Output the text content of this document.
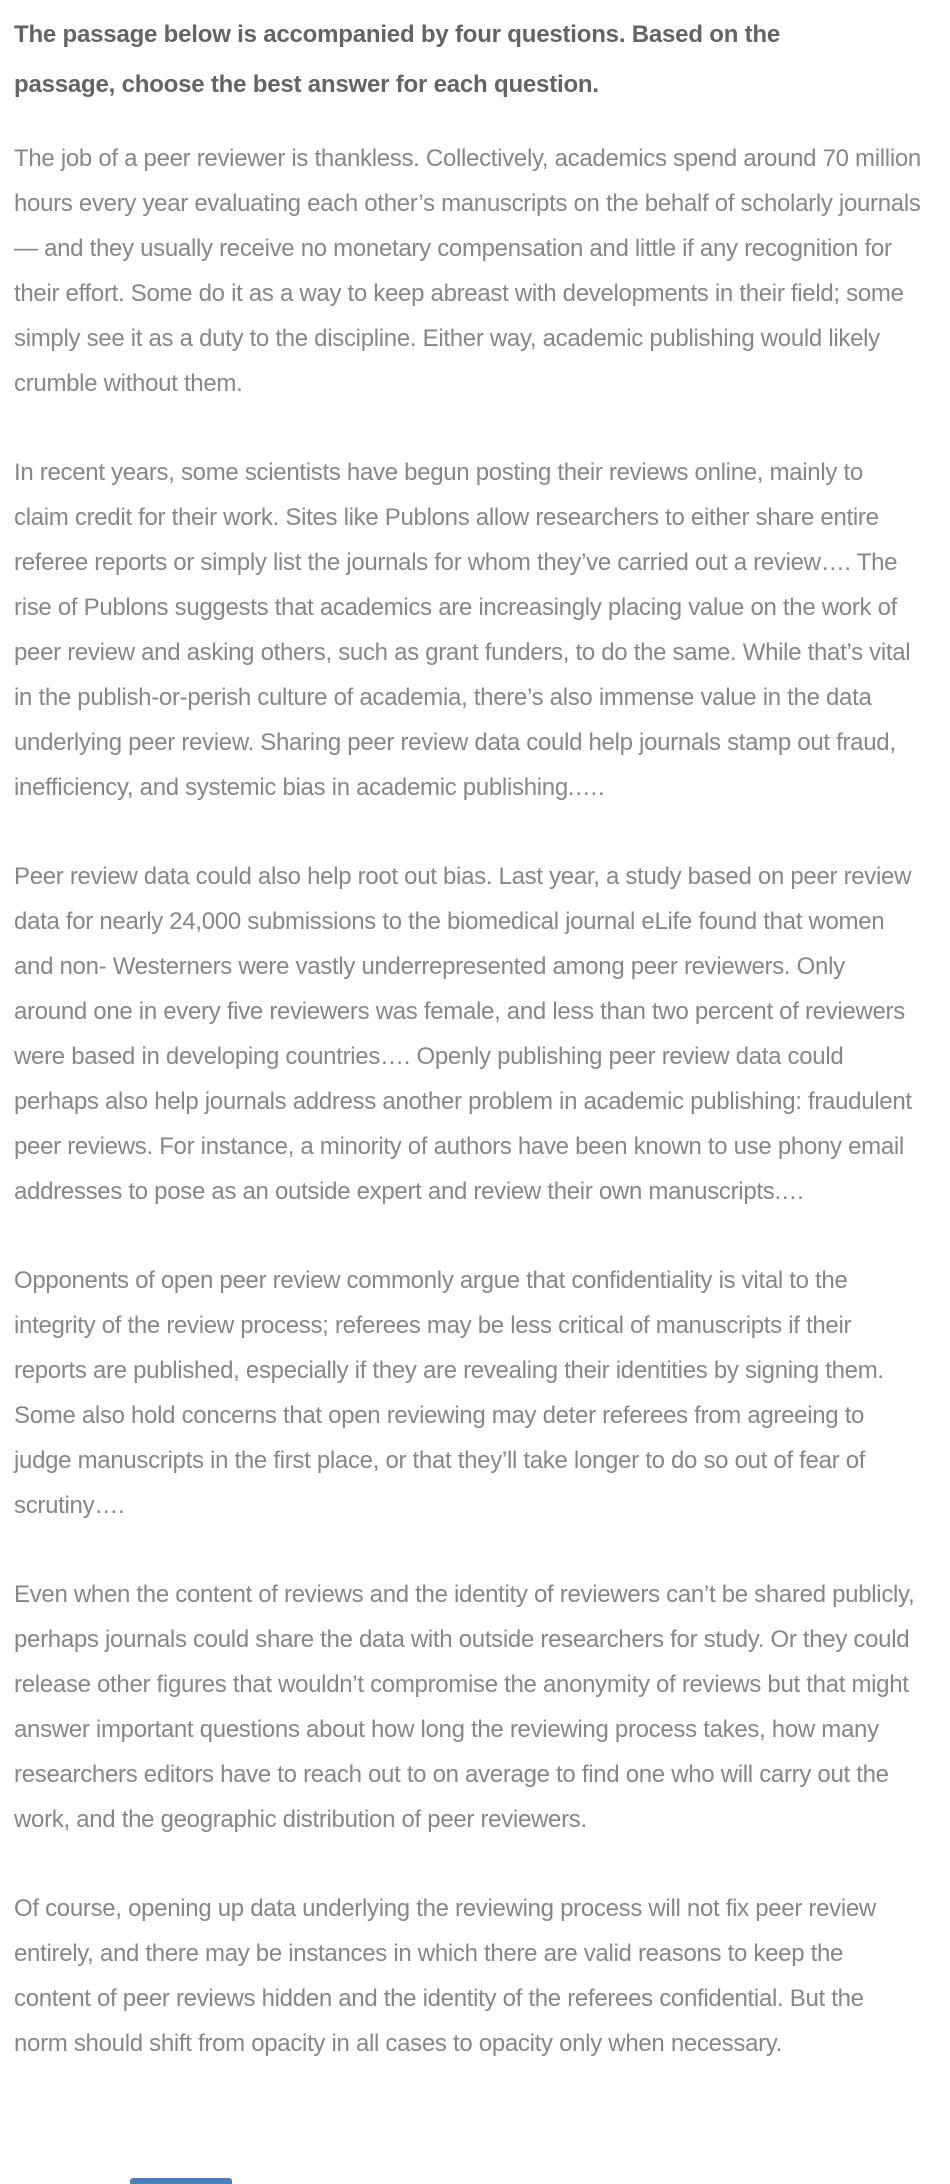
The passage below is accompanied by four questions. Based on the passage, choose the best answer for each question.

The job of a peer reviewer is thankless. Collectively, academics spend around 70 million hours every year evaluating each other’s manuscripts on the behalf of scholarly journals — and they usually receive no monetary compensation and little if any recognition for their effort. Some do it as a way to keep abreast with developments in their field; some simply see it as a duty to the discipline. Either way, academic publishing would likely crumble without them.

In recent years, some scientists have begun posting their reviews online, mainly to claim credit for their work. Sites like Publons allow researchers to either share entire referee reports or simply list the journals for whom they’ve carried out a review…. The rise of Publons suggests that academics are increasingly placing value on the work of peer review and asking others, such as grant funders, to do the same. While that’s vital in the publish-or-perish culture of academia, there’s also immense value in the data underlying peer review. Sharing peer review data could help journals stamp out fraud, inefficiency, and systemic bias in academic publishing.….

Peer review data could also help root out bias. Last year, a study based on peer review data for nearly 24,000 submissions to the biomedical journal eLife found that women and non- Westerners were vastly underrepresented among peer reviewers. Only around one in every five reviewers was female, and less than two percent of reviewers were based in developing countries…. Openly publishing peer review data could perhaps also help journals address another problem in academic publishing: fraudulent peer reviews. For instance, a minority of authors have been known to use phony email addresses to pose as an outside expert and review their own manuscripts.…

Opponents of open peer review commonly argue that confidentiality is vital to the integrity of the review process; referees may be less critical of manuscripts if their reports are published, especially if they are revealing their identities by signing them. Some also hold concerns that open reviewing may deter referees from agreeing to judge manuscripts in the first place, or that they’ll take longer to do so out of fear of scrutiny….

Even when the content of reviews and the identity of reviewers can’t be shared publicly, perhaps journals could share the data with outside researchers for study. Or they could release other figures that wouldn’t compromise the anonymity of reviews but that might answer important questions about how long the reviewing process takes, how many researchers editors have to reach out to on average to find one who will carry out the work, and the geographic distribution of peer reviewers.

Of course, opening up data underlying the reviewing process will not fix peer review entirely, and there may be instances in which there are valid reasons to keep the content of peer reviews hidden and the identity of the referees confidential. But the norm should shift from opacity in all cases to opacity only when necessary.
